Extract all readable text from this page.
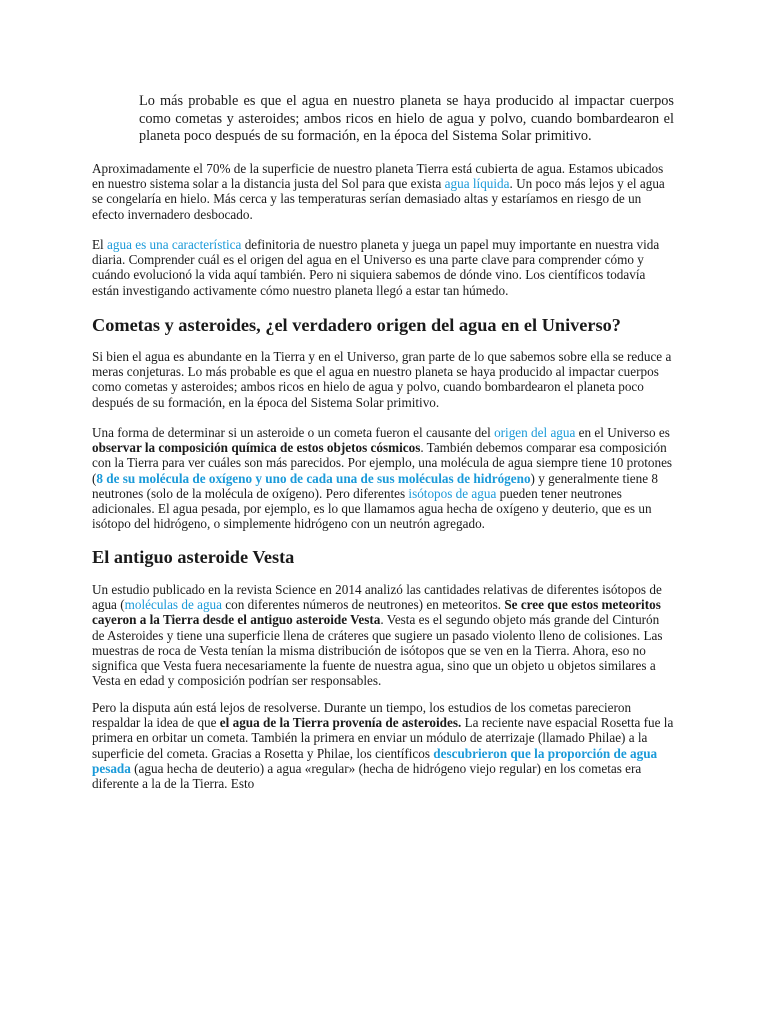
Lo más probable es que el agua en nuestro planeta se haya producido al impactar cuerpos como cometas y asteroides; ambos ricos en hielo de agua y polvo, cuando bombardearon el planeta poco después de su formación, en la época del Sistema Solar primitivo.

Aproximadamente el 70% de la superficie de nuestro planeta Tierra está cubierta de agua. Estamos ubicados en nuestro sistema solar a la distancia justa del Sol para que exista agua líquida. Un poco más lejos y el agua se congelaría en hielo. Más cerca y las temperaturas serían demasiado altas y estaríamos en riesgo de un efecto invernadero desbocado.

El agua es una característica definitoria de nuestro planeta y juega un papel muy importante en nuestra vida diaria. Comprender cuál es el origen del agua en el Universo es una parte clave para comprender cómo y cuándo evolucionó la vida aquí también. Pero ni siquiera sabemos de dónde vino. Los científicos todavía están investigando activamente cómo nuestro planeta llegó a estar tan húmedo.

Cometas y asteroides, ¿el verdadero origen del agua en el Universo?

Si bien el agua es abundante en la Tierra y en el Universo, gran parte de lo que sabemos sobre ella se reduce a meras conjeturas. Lo más probable es que el agua en nuestro planeta se haya producido al impactar cuerpos como cometas y asteroides; ambos ricos en hielo de agua y polvo, cuando bombardearon el planeta poco después de su formación, en la época del Sistema Solar primitivo.

Una forma de determinar si un asteroide o un cometa fueron el causante del origen del agua en el Universo es observar la composición química de estos objetos cósmicos. También debemos comparar esa composición con la Tierra para ver cuáles son más parecidos. Por ejemplo, una molécula de agua siempre tiene 10 protones (8 de su molécula de oxígeno y uno de cada una de sus moléculas de hidrógeno) y generalmente tiene 8 neutrones (solo de la molécula de oxígeno). Pero diferentes isótopos de agua pueden tener neutrones adicionales. El agua pesada, por ejemplo, es lo que llamamos agua hecha de oxígeno y deuterio, que es un isótopo del hidrógeno, o simplemente hidrógeno con un neutrón agregado.

El antiguo asteroide Vesta

Un estudio publicado en la revista Science en 2014 analizó las cantidades relativas de diferentes isótopos de agua (moléculas de agua con diferentes números de neutrones) en meteoritos. Se cree que estos meteoritos cayeron a la Tierra desde el antiguo asteroide Vesta. Vesta es el segundo objeto más grande del Cinturón de Asteroides y tiene una superficie llena de cráteres que sugiere un pasado violento lleno de colisiones. Las muestras de roca de Vesta tenían la misma distribución de isótopos que se ven en la Tierra. Ahora, eso no significa que Vesta fuera necesariamente la fuente de nuestra agua, sino que un objeto u objetos similares a Vesta en edad y composición podrían ser responsables.

Pero la disputa aún está lejos de resolverse. Durante un tiempo, los estudios de los cometas parecieron respaldar la idea de que el agua de la Tierra provenía de asteroides. La reciente nave espacial Rosetta fue la primera en orbitar un cometa. También la primera en enviar un módulo de aterrizaje (llamado Philae) a la superficie del cometa. Gracias a Rosetta y Philae, los científicos descubrieron que la proporción de agua pesada (agua hecha de deuterio) a agua «regular» (hecha de hidrógeno viejo regular) en los cometas era diferente a la de la Tierra. Esto
